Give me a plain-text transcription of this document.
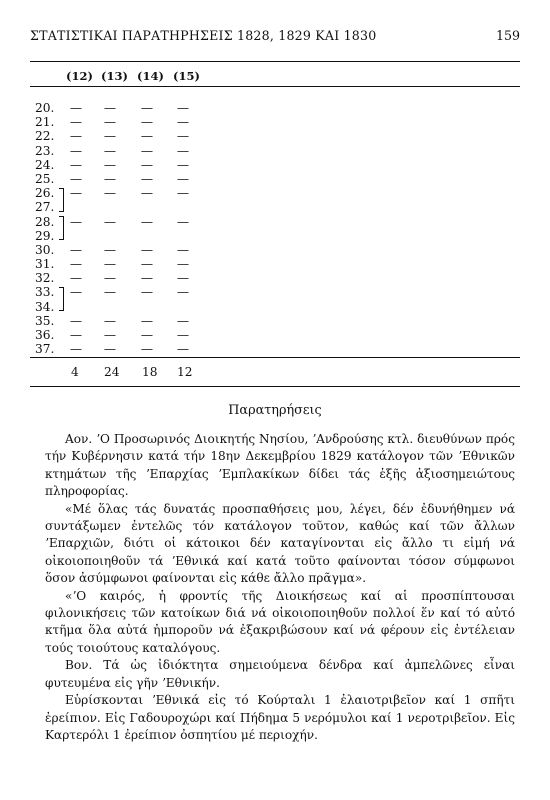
ΣΤΑΤΙΣΤΙΚΑΙ ΠΑΡΑΤΗΡΗΣΕΙΣ 1828, 1829 ΚΑΙ 1830	159
(12) (13) (14) (15)
20.	— — — —
21.	— — — —
22.	— — — —
23.	— — — —
24.	— — — —
25.	— — — —
26.	— — — —
27.
28.	— — — —
29.
30.	— — — —
31.	— — — —
32.	— — — —
33.	— — — —
34.
35.	— — — —
36.	— — — —
37.	— — — —
4 24 18 12
Παρατηρήσεις

Αον. ʼΟ Προσωρινός Διοικητής Νησίου, ʼΑνδρούσης κτλ. διευθύνων πρός τήν Κυβέρνησιν κατά τήν 18ην Δεκεμβρίου 1829 κατάλογον τῶν ʼΕθνικῶν κτημάτων τῆς ʼΕπαρχίας ʼΕμπλακίκων δίδει τάς ἑξῆς ἀξιοσημειώτους πληροφορίας.

«Μέ ὅλας τάς δυνατάς προσπαθήσεις μου, λέγει, δέν ἐδυνήθημεν νά συντάξωμεν ἐντελῶς τόν κατάλογον τοῦτον, καθώς καί τῶν ἄλλων ʼΕπαρχιῶν, διότι οἱ κάτοικοι δέν καταγίνονται εἰς ἄλλο τι εἰμή νά οἰκοιοποιηθοῦν τά ʼΕθνικά καί κατά τοῦτο φαίνονται τόσον σύμφωνοι ὅσον ἀσύμφωνοι φαίνονται εἰς κάθε ἄλλο πρᾶγμα».

«ʼΟ καιρός, ἡ φροντίς τῆς Διοικήσεως καί αἱ προσπίπτουσαι φιλονικήσεις τῶν κατοίκων διά νά οἰκοιοποιηθοῦν πολλοί ἕν καί τό αὐτό κτῆμα ὅλα αὐτά ἠμποροῦν νά ἐξακριβώσουν καί νά φέρουν εἰς ἐντέλειαν τούς τοιούτους καταλόγους.

Βον. Τά ὡς ἰδιόκτητα σημειούμενα δένδρα καί ἀμπελῶνες εἶναι φυτευμένα εἰς γῆν ʼΕθνικήν.

Εὑρίσκονται ʼΕθνικά εἰς τό Κούρταλι 1 ἐλαιοτριβεῖον καί 1 σπῆτι ἐρείπιον. Εἰς Γαδουροχώρι καί Πήδημα 5 νερόμυλοι καί 1 νεροτριβεῖον. Εἰς Καρτερόλι 1 ἐρείπιον ὀσπητίου μέ περιοχήν.
